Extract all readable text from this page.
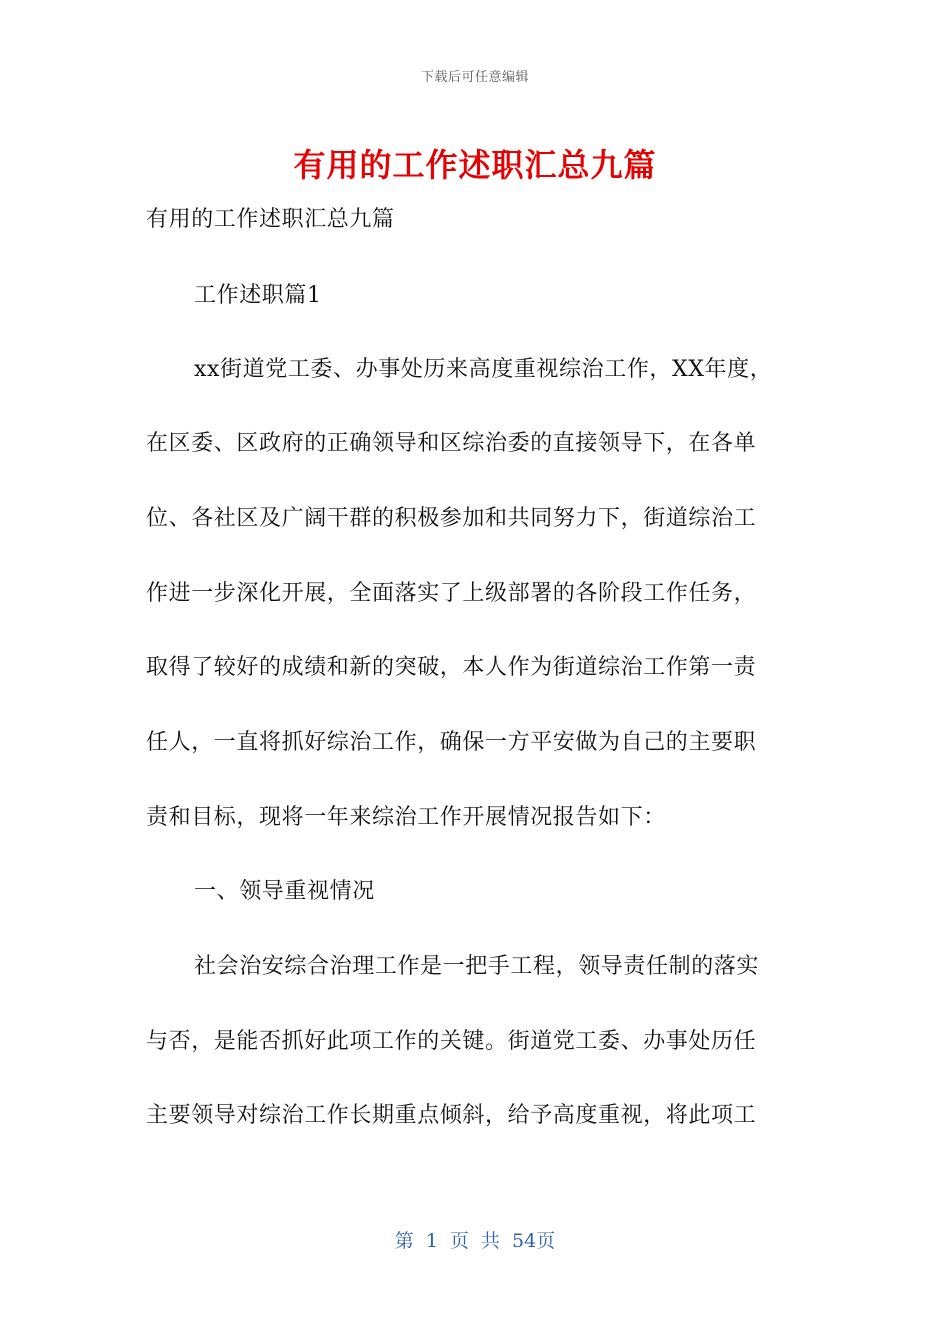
下载后可任意编辑
有用的工作述职汇总九篇
有用的工作述职汇总九篇
工作述职篇1
xx街道党工委、办事处历来高度重视综治工作，XX年度，
在区委、区政府的正确领导和区综治委的直接领导下，在各单
位、各社区及广阔干群的积极参加和共同努力下，街道综治工
作进一步深化开展，全面落实了上级部署的各阶段工作任务，
取得了较好的成绩和新的突破，本人作为街道综治工作第一责
任人，一直将抓好综治工作，确保一方平安做为自己的主要职
责和目标，现将一年来综治工作开展情况报告如下：
一、领导重视情况
社会治安综合治理工作是一把手工程，领导责任制的落实
与否，是能否抓好此项工作的关键。街道党工委、办事处历任
主要领导对综治工作长期重点倾斜，给予高度重视，将此项工
第 1 页 共 54页
